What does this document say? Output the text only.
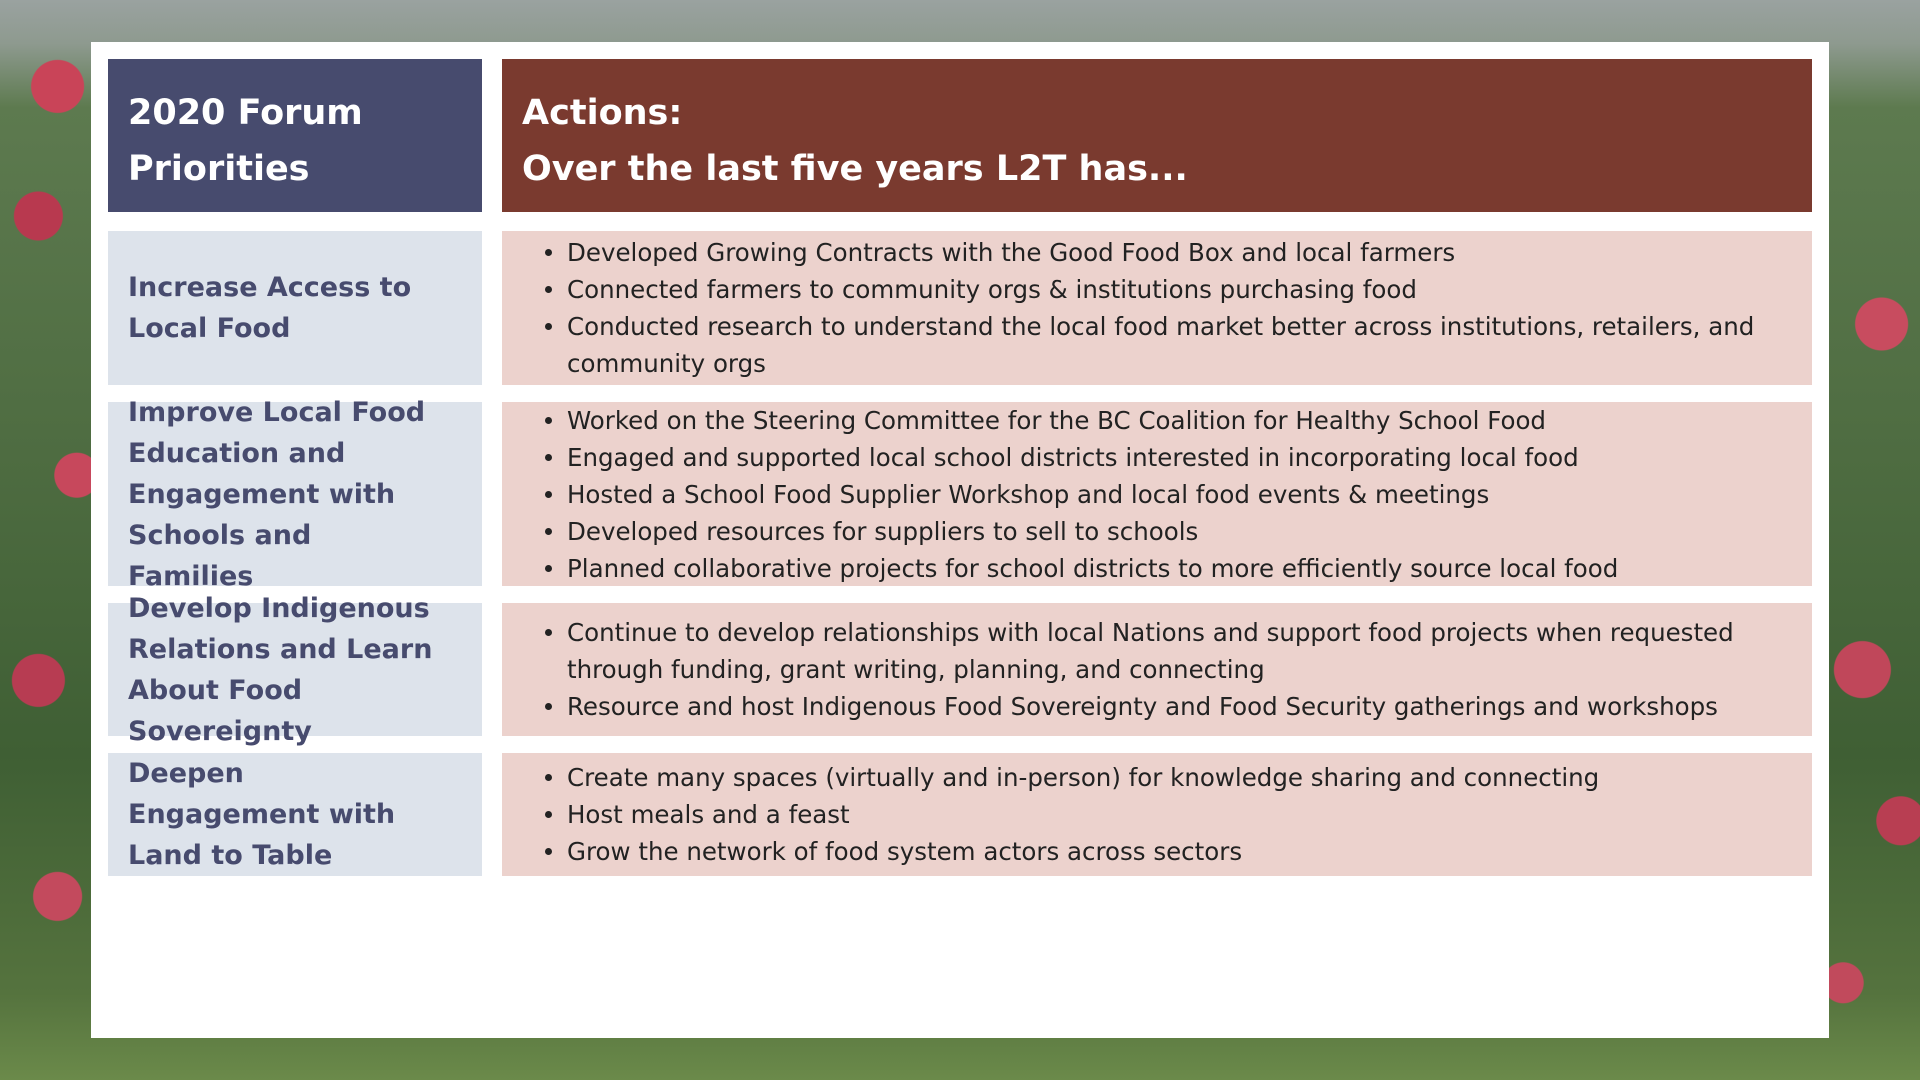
2020 Forum
Priorities
Actions:
Over the last five years L2T has...
Increase Access to Local Food
Developed Growing Contracts with the Good Food Box and local farmers
Connected farmers to community orgs & institutions purchasing food
Conducted research to understand the local food market better across institutions, retailers, and community orgs
Improve Local Food Education and Engagement with Schools and Families
Worked on the Steering Committee for the BC Coalition for Healthy School Food
Engaged and supported local school districts interested in incorporating local food
Hosted a School Food Supplier Workshop and local food events & meetings
Developed resources for suppliers to sell to schools
Planned collaborative projects for school districts to more efficiently source local food
Develop Indigenous Relations and Learn About Food Sovereignty
Continue to develop relationships with local Nations and support food projects when requested through funding, grant writing, planning, and connecting
Resource and host Indigenous Food Sovereignty and Food Security gatherings and workshops
Deepen Engagement with Land to Table
Create many spaces (virtually and in-person) for knowledge sharing and connecting
Host meals and a feast
Grow the network of food system actors across sectors
